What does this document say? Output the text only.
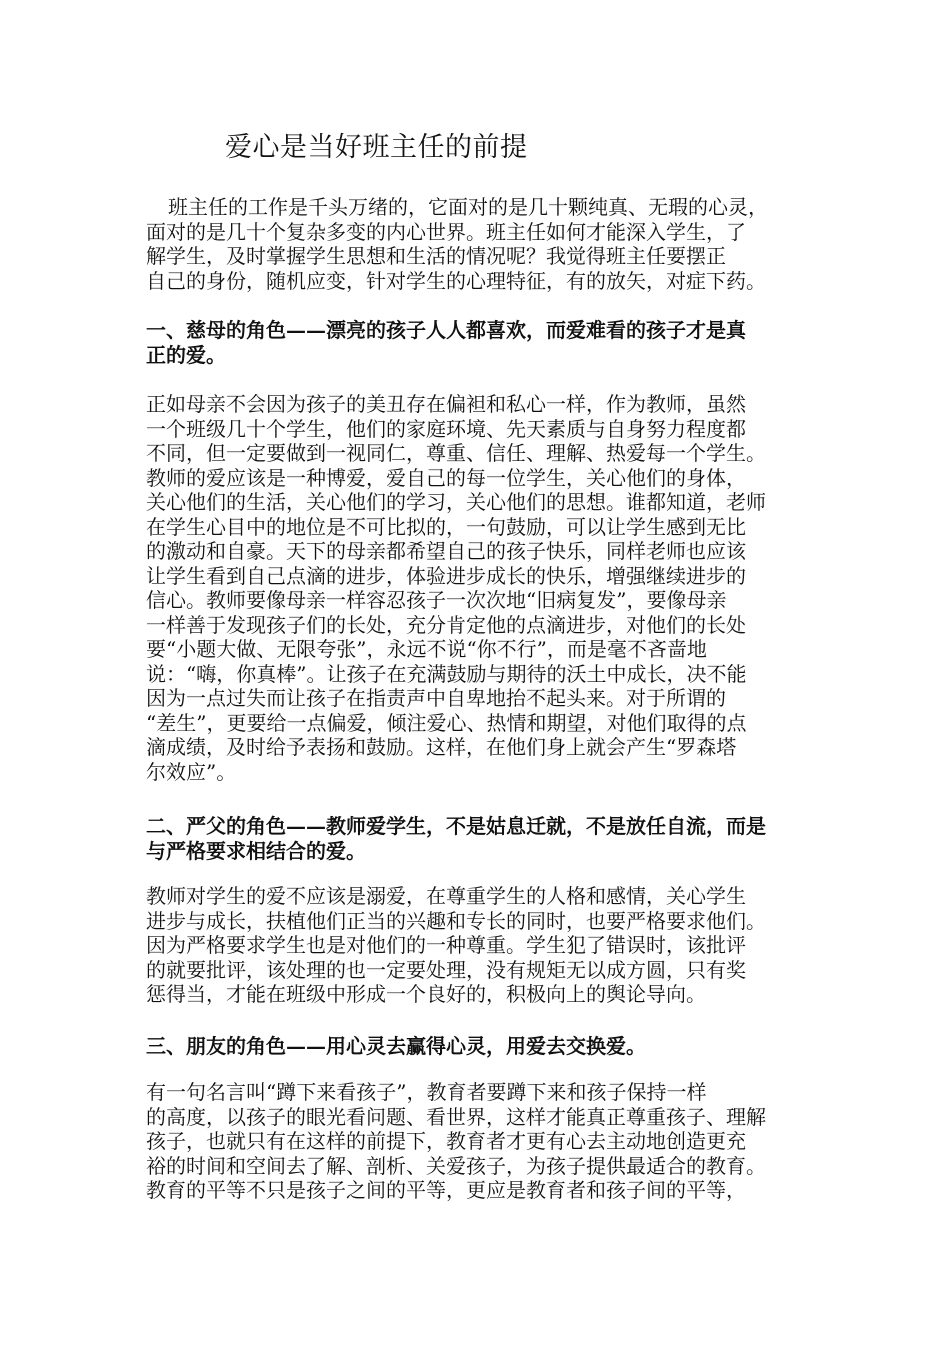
爱心是当好班主任的前提

班主任的工作是千头万绪的，它面对的是几十颗纯真、无瑕的心灵，
面对的是几十个复杂多变的内心世界。班主任如何才能深入学生，了
解学生，及时掌握学生思想和生活的情况呢？我觉得班主任要摆正
自己的身份，随机应变，针对学生的心理特征，有的放矢，对症下药。

一、慈母的角色——漂亮的孩子人人都喜欢，而爱难看的孩子才是真
正的爱。

正如母亲不会因为孩子的美丑存在偏袒和私心一样，作为教师，虽然
一个班级几十个学生，他们的家庭环境、先天素质与自身努力程度都
不同，但一定要做到一视同仁，尊重、信任、理解、热爱每一个学生。
教师的爱应该是一种博爱，爱自己的每一位学生，关心他们的身体，
关心他们的生活，关心他们的学习，关心他们的思想。谁都知道，老师
在学生心目中的地位是不可比拟的，一句鼓励，可以让学生感到无比
的激动和自豪。天下的母亲都希望自己的孩子快乐，同样老师也应该
让学生看到自己点滴的进步，体验进步成长的快乐，增强继续进步的
信心。教师要像母亲一样容忍孩子一次次地“旧病复发”，要像母亲
一样善于发现孩子们的长处，充分肯定他的点滴进步，对他们的长处
要“小题大做、无限夸张”，永远不说“你不行”，而是毫不吝啬地
说：“嗨，你真棒”。让孩子在充满鼓励与期待的沃土中成长，决不能
因为一点过失而让孩子在指责声中自卑地抬不起头来。对于所谓的
“差生”，更要给一点偏爱，倾注爱心、热情和期望，对他们取得的点
滴成绩，及时给予表扬和鼓励。这样，在他们身上就会产生“罗森塔
尔效应”。

二、严父的角色——教师爱学生，不是姑息迁就，不是放任自流，而是
与严格要求相结合的爱。

教师对学生的爱不应该是溺爱，在尊重学生的人格和感情，关心学生
进步与成长，扶植他们正当的兴趣和专长的同时，也要严格要求他们。
因为严格要求学生也是对他们的一种尊重。学生犯了错误时，该批评
的就要批评，该处理的也一定要处理，没有规矩无以成方圆，只有奖
惩得当，才能在班级中形成一个良好的，积极向上的舆论导向。

三、朋友的角色——用心灵去赢得心灵，用爱去交换爱。

有一句名言叫“蹲下来看孩子”，教育者要蹲下来和孩子保持一样
的高度，以孩子的眼光看问题、看世界，这样才能真正尊重孩子、理解
孩子，也就只有在这样的前提下，教育者才更有心去主动地创造更充
裕的时间和空间去了解、剖析、关爱孩子，为孩子提供最适合的教育。
教育的平等不只是孩子之间的平等，更应是教育者和孩子间的平等，
